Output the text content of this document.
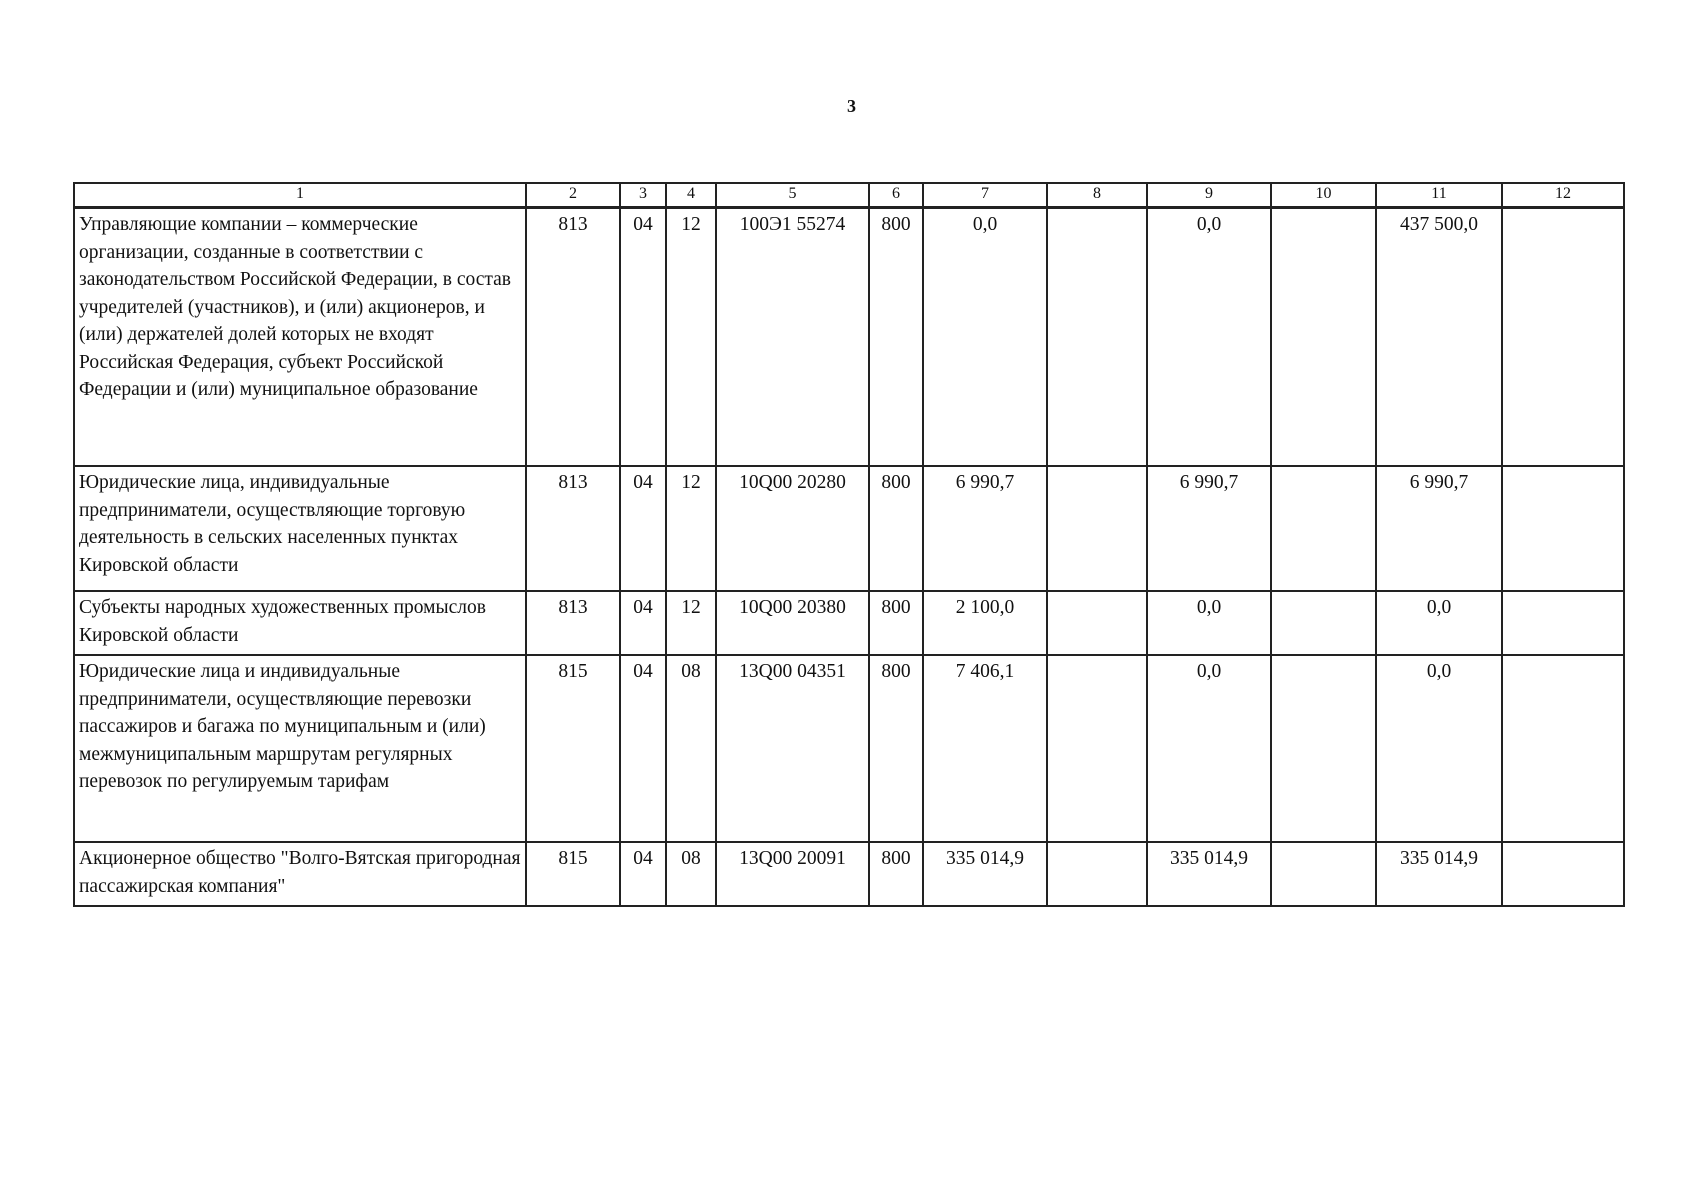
3
1	2	3	4	5	6	7	8	9	10	11	12
Управляющие компании – коммерческие организации, созданные в соответствии с законодательством Российской Федерации, в состав учредителей (участников), и (или) акционеров, и (или) держателей долей которых не входят Российская Федерация, субъект Российской Федерации и (или) муниципальное образование	813	04	12	100Э1 55274	800	0,0		0,0		437 500,0	
Юридические лица, индивидуальные предприниматели, осуществляющие торговую деятельность в сельских населенных пунктах Кировской области	813	04	12	10Q00 20280	800	6 990,7		6 990,7		6 990,7	
Субъекты народных художественных промыслов Кировской области	813	04	12	10Q00 20380	800	2 100,0		0,0		0,0	
Юридические лица и индивидуальные предприниматели, осуществляющие перевозки пассажиров и багажа по муниципальным и (или) межмуниципальным маршрутам регулярных перевозок по регулируемым тарифам	815	04	08	13Q00 04351	800	7 406,1		0,0		0,0	
Акционерное общество "Волго-Вятская пригородная пассажирская компания"	815	04	08	13Q00 20091	800	335 014,9		335 014,9		335 014,9	
